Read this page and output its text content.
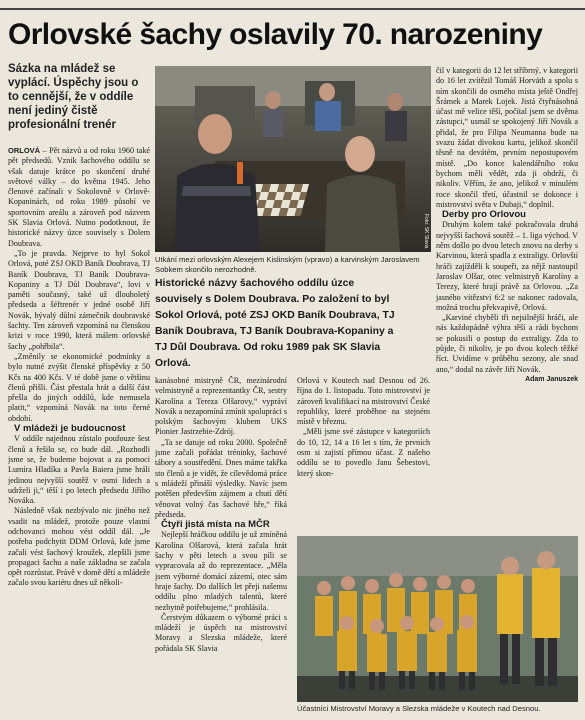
Orlovské šachy oslavily 70. narozeniny
Sázka na mládež se vyplácí. Úspěchy jsou o to cennější, že v oddíle není jediný čistě profesionální trenér
Foto: SK Slavia
Utkání mezi orlovským Alexejem Kislinským (vpravo) a karvinským Jaroslavem Sobkem skončilo nerozhodně.
Historické názvy šachového oddílu úzce souvisely s Dolem Doubrava. Po založení to byl Sokol Orlová, poté ZSJ OKD Baník Doubrava, TJ Baník Doubrava, TJ Baník Doubrava-Kopaniny a TJ Důl Doubrava. Od roku 1989 pak SK Slavia Orlová.

ORLOVÁ – Pět názvů a od roku 1960 také pět předsedů. Vznik šachového oddílu se však datuje krátce po skončení druhé světové války – do května 1945. Jeho členové začínali v Sokolovně v Orlově-Kopaninách, od roku 1989 působí ve sportovním areálu a zároveň pod názvem SK Slavia Orlová. Nutno podotknout, že historické názvy úzce souvisely s Dolem Doubrava.

„To je pravda. Nejprve to byl Sokol Orlová, poté ZSJ OKD Baník Doubrava, TJ Baník Doubrava, TJ Baník Doubrava-Kopaniny a TJ Důl Doubrava“, lovi v paměti současný, také už dlouholetý předseda a šéftrenér v jedné osobě Jiří Novák, bývalý důlní zámečník doubravské šachty. Ten zároveň vzpomíná na členskou krizi v roce 1990, která málem orlovské šachy „pohřbila“.

„Změnily se ekonomické podmínky a bylo nutné zvýšit členské příspěvky z 50 Kčs na 400 Kčs. V té době jsme o většinu členů přišli. Část přestala hrát a další část přešla do jiných oddílů, kde nemusela platit,“ vzpomíná Novák na toto černé období.

V mládeži je budoucnost

V oddíle najednou zůstalo poufouze šest členů a řešilo se, co bude dál. „Rozhodli jsme se, že budeme bojovat a za pomoci Lumíra Hladíka a Pavla Baiera jsme hráli jedinou nejvyšší soutěž v osmi lidech a udrželi ji,“ těší i po letech předsedu Jiřího Nováka.

Následně však nezbývalo nic jiného než vsadit na mládež, protože pouze vlastní odchovanci mohou vést oddíl dál. „Je potřeba podchytit DDM Orlová, kde jsme začali vést šachový kroužek, zlepšili jsme propagaci šachu a naše základna se začala opět rozrůstat. Právě v domě dětí a mládeže začalo svou kariéru dnes už několi-

kanásobné mistryně ČR, mezinárodní velmistryně a reprezentantky ČR, sestry Karolína a Tereza Olšarovy,“ vypráví Novák a nezapomíná zmínit spolupráci s polským šachovým klubem UKS Pionier Jastrzebie-Zdrój.

„Ta se datuje od roku 2000. Společně jsme začali pořádat tréninky, šachové tábory a soustředění. Dnes máme takřka sto členů a je vidět, že cílevědomá práce s mládeží přináší výsledky. Navíc jsem potěšen především zájmem a chutí dětí věnovat volný čas šachové hře,“ říká předseda.

Čtyři jistá místa na MČR

Nejlepší hráčkou oddílu je už zmíněná Karolína Olšarová, která začala hrát šachy v pěti letech a svou píli se vypracovala až do reprezentace. „Měla jsem výborné domácí zázemí, otec sám hraje šachy. Do dalších let přeji našemu oddílu plno mladých talentů, které nezbytně potřebujeme,“ prohlásila.

Čerstvým důkazem o výborné práci s mládeží je úspěch na mistrovství Moravy a Slezska mládeže, které pořádala SK Slavia

Orlová v Koutech nad Desnou od 26. října do 1. listopadu. Toto mistrovství je zároveň kvalifikací na mistrovství České republiky, které proběhne na stejném místě v březnu.

„Měli jsme své zástupce v kategoriích do 10, 12, 14 a 16 let s tím, že prvních osm si zajistí přímou účast. Z našeho oddílu se to povedlo Janu Šebestovi, který skon-

čil v kategorii do 12 let stříbrný, v kategorii do 16 let zvítězil Tomáš Horváth a spolu s ním skončili do osmého místa ještě Ondřej Šrámek a Marek Lojek. Jistá čtyřnásobná účast mě velice těší, počítal jsem se dvěma zástupci,“ usmál se spokojený Jiří Novák a přidal, že pro Filipa Neumanna bude na svazu žádat divokou kartu, jelikož skončil těsně na devátém, prvním nepostupovém místě. „Do konce kalendářního roku bychom měli vědět, zda ji obdrží, či nikoliv. Věřím, že ano, jelikož v minulém roce skončil třetí, účastnil se dokonce i mistrovství světa v Dubaji,“ doplnil.

Derby pro Orlovou

Druhým kolem také pokračovala druhá nejvyšší šachová soutěž – 1. liga východ. V něm došlo po dvou letech znovu na derby s Karvinou, která spadla z extraligy. Orlovští hráči zajížděli k soupeři, za nějž nastoupil Jaroslav Olšar, otec velmistryň Karolíny a Terezy, které hrají právě za Orlovou. „Za jasného vítězství 6:2 se nakonec radovala, možná trochu překvapivě, Orlová.

„Karviné chyběli tři nejsilnější hráči, ale nás každopádně výhra těší a rádi bychom se pokusili o postup do extraligy. Zda to půjde, či nikoliv, je po dvou kolech těžké říct. Uvidíme v průběhu sezony, ale snad ano,“ dodal na závěr Jiří Novák.

Adam Januszek
Účastníci Mistrovství Moravy a Slezska mládeže v Koutech nad Desnou.
